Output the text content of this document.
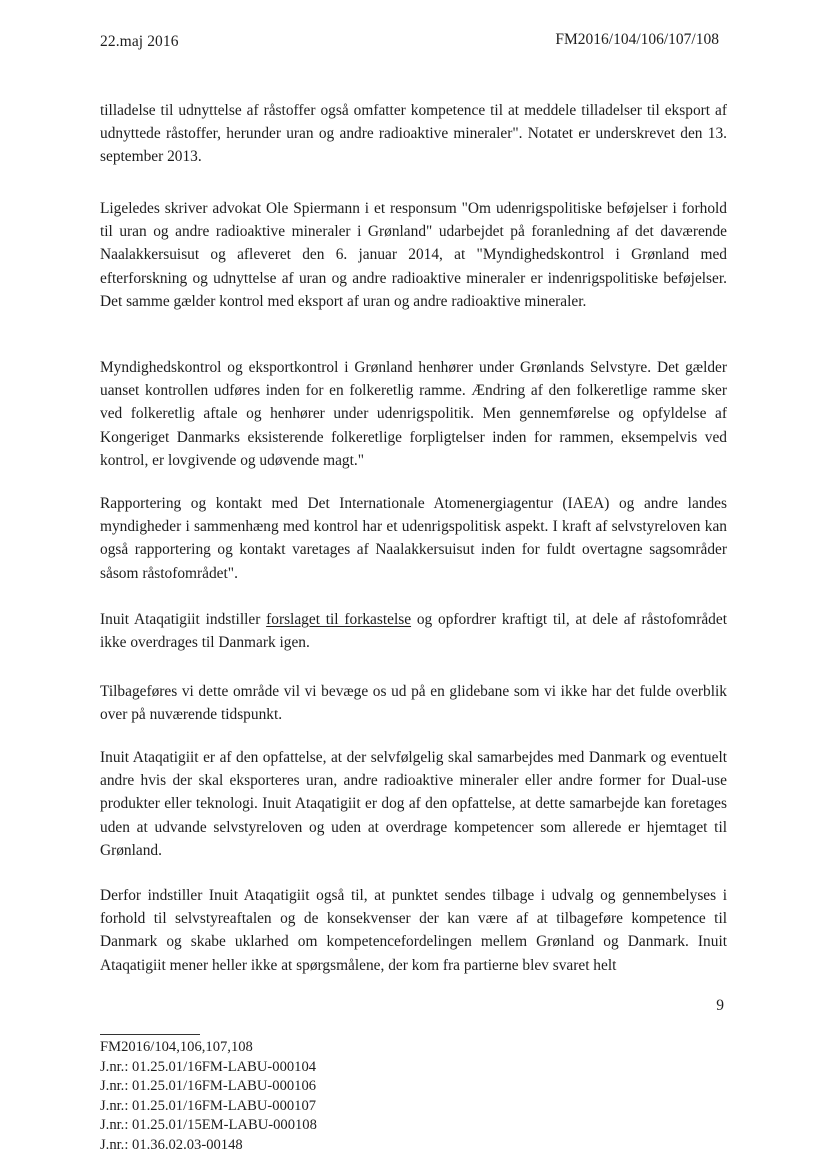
22.maj 2016	FM2016/104/106/107/108
tilladelse til udnyttelse af råstoffer også omfatter kompetence til at meddele tilladelser til eksport af udnyttede råstoffer, herunder uran og andre radioaktive mineraler". Notatet er underskrevet den 13. september 2013.
Ligeledes skriver advokat Ole Spiermann i et responsum "Om udenrigspolitiske beføjelser i forhold til uran og andre radioaktive mineraler i Grønland" udarbejdet på foranledning af det daværende Naalakkersuisut og afleveret den 6. januar 2014, at "Myndighedskontrol i Grønland med efterforskning og udnyttelse af uran og andre radioaktive mineraler er indenrigspolitiske beføjelser. Det samme gælder kontrol med eksport af uran og andre radioaktive mineraler.
Myndighedskontrol og eksportkontrol i Grønland henhører under Grønlands Selvstyre. Det gælder uanset kontrollen udføres inden for en folkeretlig ramme. Ændring af den folkeretlige ramme sker ved folkeretlig aftale og henhører under udenrigspolitik. Men gennemførelse og opfyldelse af Kongeriget Danmarks eksisterende folkeretlige forpligtelser inden for rammen, eksempelvis ved kontrol, er lovgivende og udøvende magt."
Rapportering og kontakt med Det Internationale Atomenergiagentur (IAEA) og andre landes myndigheder i sammenhæng med kontrol har et udenrigspolitisk aspekt. I kraft af selvstyreloven kan også rapportering og kontakt varetages af Naalakkersuisut inden for fuldt overtagne sagsområder såsom råstofområdet".
Inuit Ataqatigiit indstiller forslaget til forkastelse og opfordrer kraftigt til, at dele af råstofområdet ikke overdrages til Danmark igen.
Tilbageføres vi dette område vil vi bevæge os ud på en glidebane som vi ikke har det fulde overblik over på nuværende tidspunkt.
Inuit Ataqatigiit er af den opfattelse, at der selvfølgelig skal samarbejdes med Danmark og eventuelt andre hvis der skal eksporteres uran, andre radioaktive mineraler eller andre former for Dual-use produkter eller teknologi. Inuit Ataqatigiit er dog af den opfattelse, at dette samarbejde kan foretages uden at udvande selvstyreloven og uden at overdrage kompetencer som allerede er hjemtaget til Grønland.
Derfor indstiller Inuit Ataqatigiit også til, at punktet sendes tilbage i udvalg og gennembelyses i forhold til selvstyreaftalen og de konsekvenser der kan være af at tilbageføre kompetence til Danmark og skabe uklarhed om kompetencefordelingen mellem Grønland og Danmark. Inuit Ataqatigiit mener heller ikke at spørgsmålene, der kom fra partierne blev svaret helt
9
FM2016/104,106,107,108
J.nr.: 01.25.01/16FM-LABU-000104
J.nr.: 01.25.01/16FM-LABU-000106
J.nr.: 01.25.01/16FM-LABU-000107
J.nr.: 01.25.01/15EM-LABU-000108
J.nr.: 01.36.02.03-00148
